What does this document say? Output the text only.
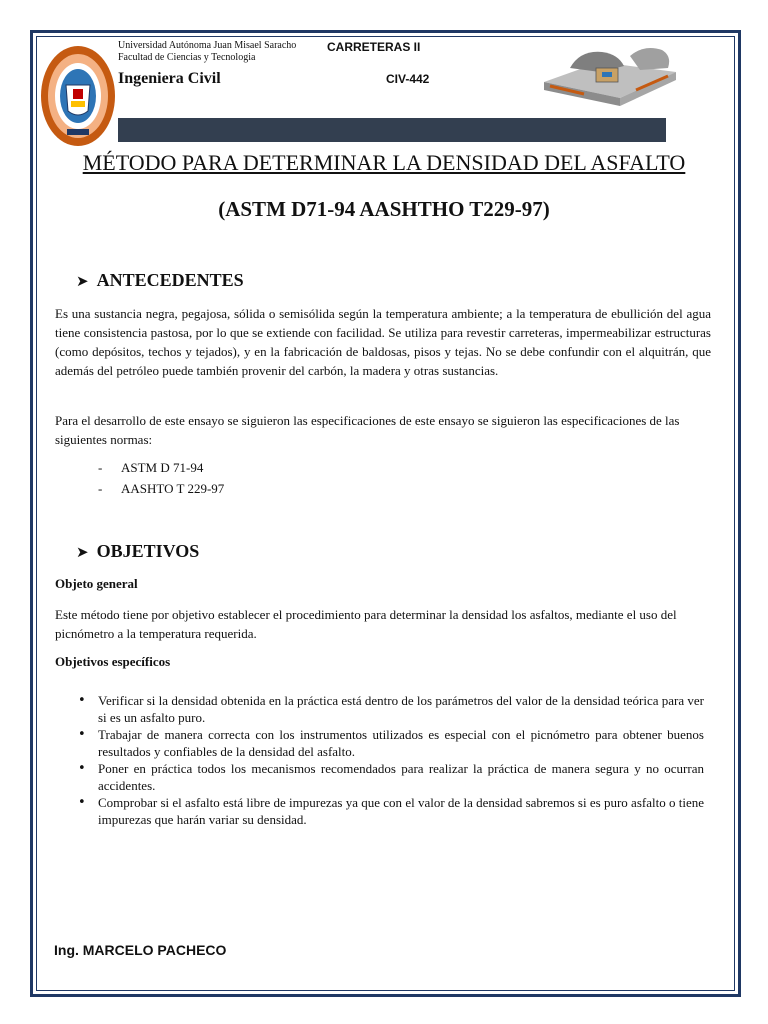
Universidad Autónoma Juan Misael Saracho
Facultad de Ciencias y Tecnologia
Ingeniera Civil
CARRETERAS II
CIV-442
MÉTODO PARA DETERMINAR LA DENSIDAD DEL ASFALTO
(ASTM D71-94 AASHTHO T229-97)
➤ ANTECEDENTES
Es una sustancia negra, pegajosa, sólida o semisólida según la temperatura ambiente; a la temperatura de ebullición del agua tiene consistencia pastosa, por lo que se extiende con facilidad. Se utiliza para revestir carreteras, impermeabilizar estructuras (como depósitos, techos y tejados), y en la fabricación de baldosas, pisos y tejas. No se debe confundir con el alquitrán, que además del petróleo puede también provenir del carbón, la madera y otras sustancias.
Para el desarrollo de este ensayo se siguieron las especificaciones de este ensayo se siguieron las especificaciones de las siguientes normas:
- ASTM D 71-94
- AASHTO T 229-97
➤ OBJETIVOS
Objeto general
Este método tiene por objetivo establecer el procedimiento para determinar la densidad los asfaltos, mediante el uso del picnómetro a la temperatura requerida.
Objetivos específicos
• Verificar si la densidad obtenida en la práctica está dentro de los parámetros del valor de la densidad teórica para ver si es un asfalto puro.
• Trabajar de manera correcta con los instrumentos utilizados es especial con el picnómetro para obtener buenos resultados y confiables de la densidad del asfalto.
• Poner en práctica todos los mecanismos recomendados para realizar la práctica de manera segura y no ocurran accidentes.
• Comprobar si el asfalto está libre de impurezas ya que con el valor de la densidad sabremos si es puro asfalto o tiene impurezas que harán variar su densidad.
Ing. MARCELO PACHECO
